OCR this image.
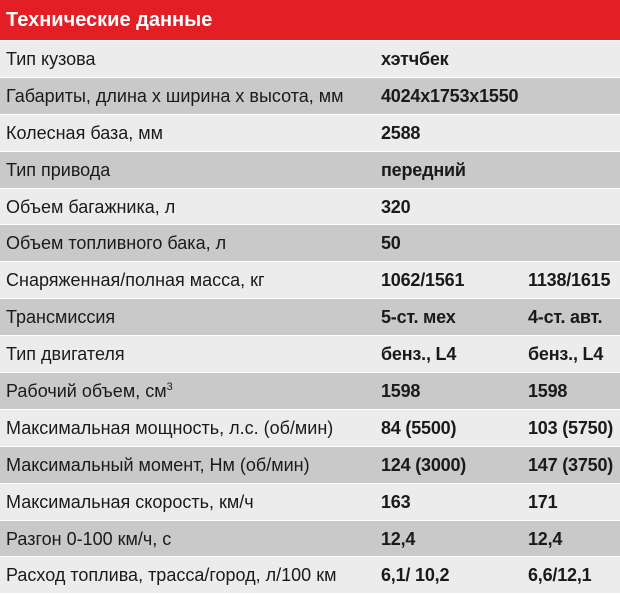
Технические данные
Тип кузова	хэтчбек
Габариты, длина х ширина х высота, мм 4024x1753x1550
Колесная база, мм	2588
Тип привода	передний
Объем багажника, л	320
Объем топливного бака, л	50
Снаряженная/полная масса, кг	1062/1561	1138/1615
Трансмиссия	5-ст. мех	4-ст. авт.
Тип двигателя	бенз., L4	бенз., L4
Рабочий объем, $см^3$	1598	1598
Максимальная мощность, л.с. (об/мин)	84 (5500)	103 (5750)
Максимальный момент, Нм (об/мин)	124 (3000)	147 (3750)
Максимальная скорость, км/ч	163	171
Разгон 0-100 км/ч, с	12,4	12,4
Расход топлива, трасса/город, л/100 км 6,1/ 10,2	6,6/12,1
